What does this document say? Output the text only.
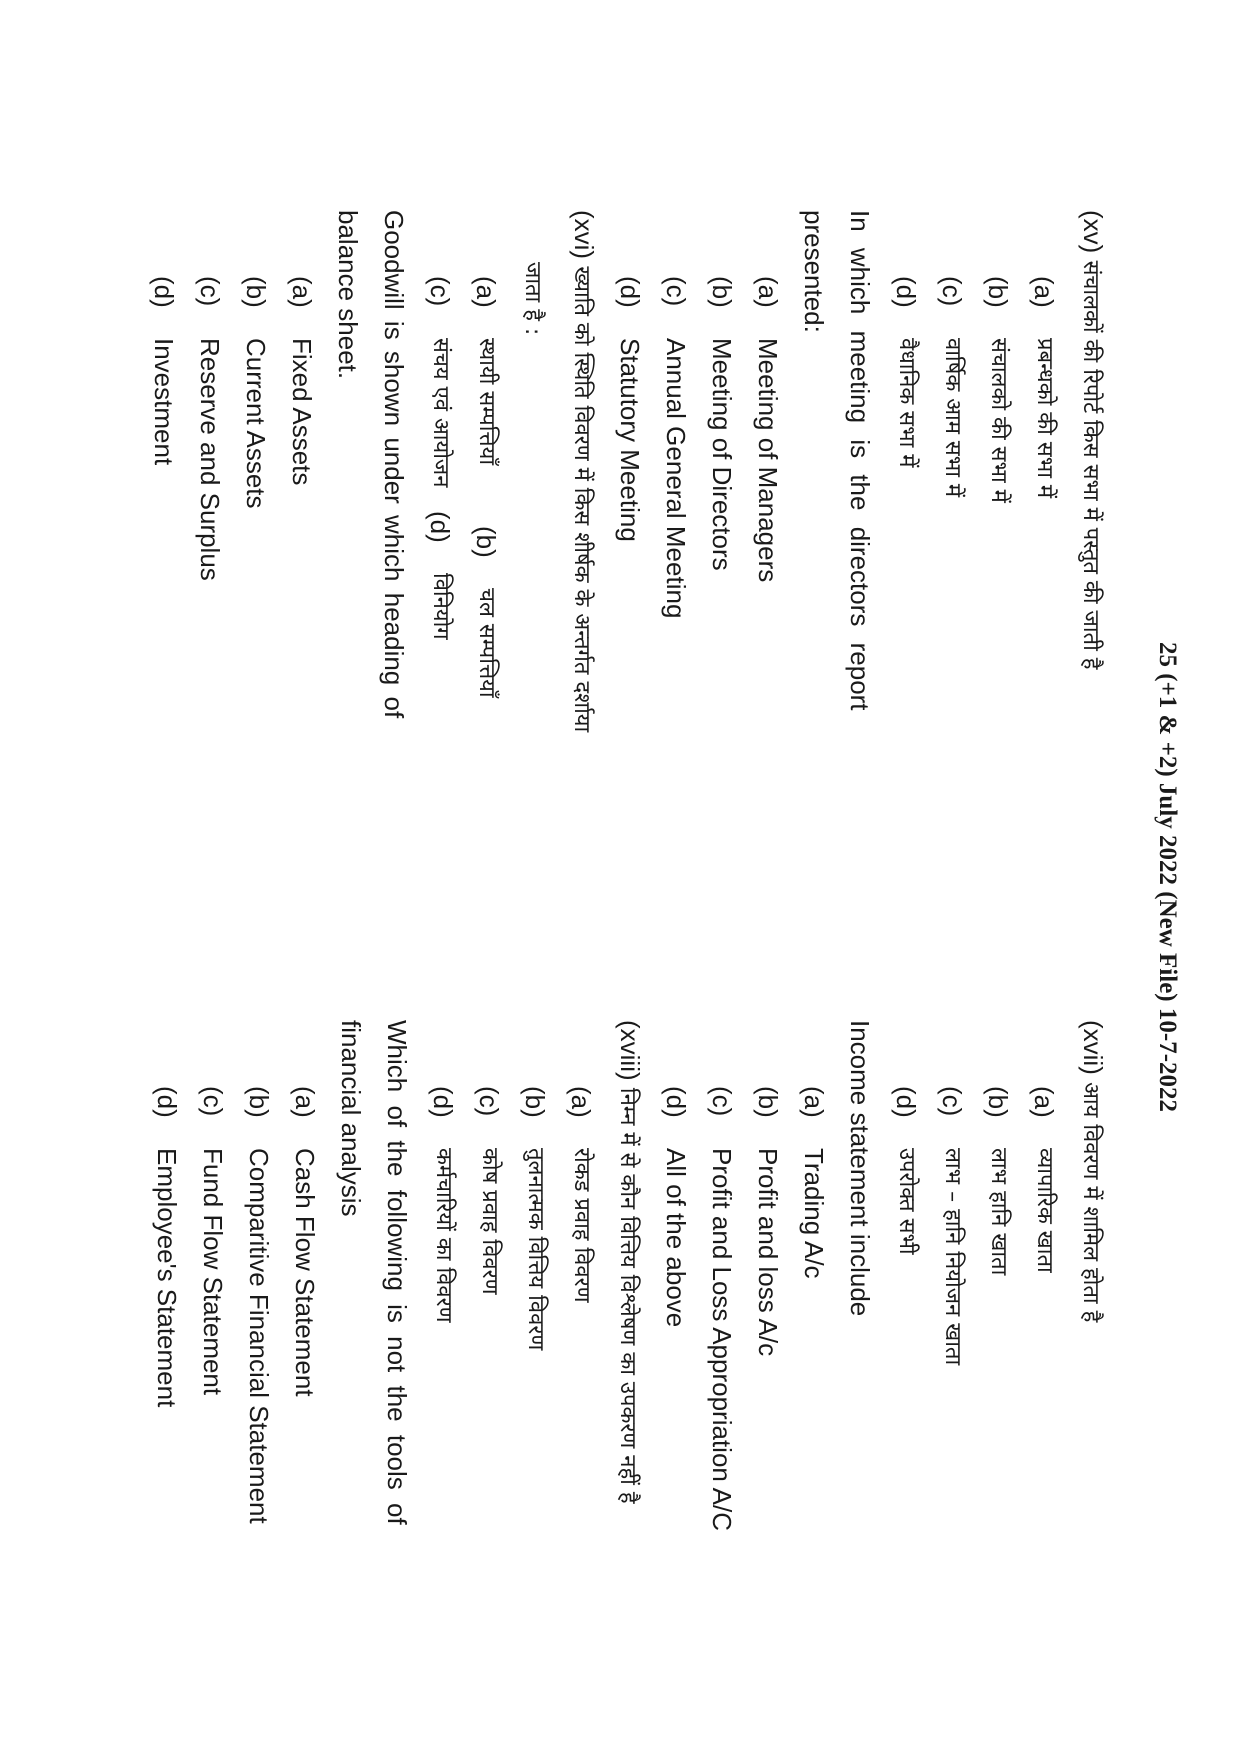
25 (+1 & +2) July 2022 (New File) 10-7-2022
(xv) संचालकों की रिपोर्ट किस सभा में पस्तुत की जाती है
(a)
प्रबन्धको की सभा में
(b)
संचालको की सभा में
(c)
वार्षिक आम सभा में
(d)
वैधानिक सभा में
In which meeting is the directors report
presented:
(a)
Meeting of Managers
(b)
Meeting of Directors
(c)
Annual General Meeting
(d)
Statutory Meeting
(xvi) ख्याति को स्थिति विवरण में किस शीर्षक के अन्तर्गत दर्शाया
जाता है :
(a)
स्थायी सम्पत्तियाँ
(b)
चल सम्पत्तियाँ
(c)
संचय एवं आयोजन
(d)
विनियोग
Goodwill is shown under which heading of
balance sheet.
(a)
Fixed Assets
(b)
Current Assets
(c)
Reserve and Surplus
(d)
Investment
(xvii) आय विवरण में शामिल होता है
(a)
व्यापारिक खाता
(b)
लाभ हानि खाता
(c)
लाभ – हानि नियोजन खाता
(d)
उपरोक्त सभी
Income statement include
(a)
Trading A/c
(b)
Profit and loss A/c
(c)
Profit and Loss Appropriation A/C
(d)
All of the above
(xviii) निम्न में से कौन वित्तिय विश्लेषण का उपकरण नहीं है
(a)
रोकड प्रवाह विवरण
(b)
तुलनात्मक वित्तिय विवरण
(c)
कोष प्रवाह विवरण
(d)
कर्मचारियों का विवरण
Which of the following is not the tools of
financial analysis
(a)
Cash Flow Statement
(b)
Comparitive Financial Statement
(c)
Fund Flow Statement
(d)
Employee's Statement
